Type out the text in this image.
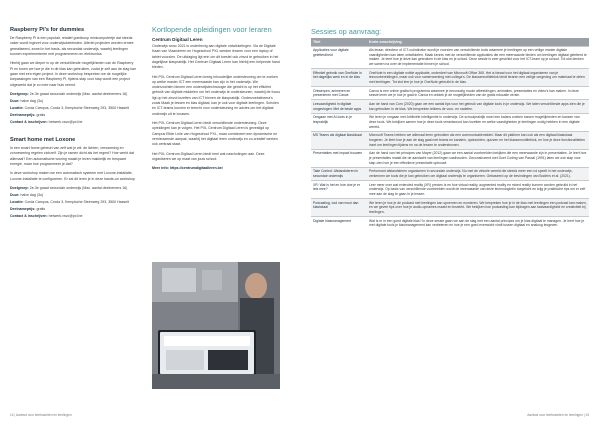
Raspberry Pi’s for dummies

De Raspberry Pi is een populair, relatief goedkoop minicomputertje dat steeds vaker wordt ingezet voor onderwijsdoeleinden. Allerlei projecten worden ermee gerealiseerd, zowel in het basis- als secundair onderwijs, waarbij leerlingen kunnen experimenteren met programmeren en elektronica.

Hierbij gaan we dieper in op de verschillende mogelijkheden van de Raspberry Pi en tonen we hoe je die in de klas kan gebruiken, zodat je zelf aan de slag kan gaan met een eigen project. In deze workshop bespreken we de mogelijke toepassingen van een Raspberry Pi, tijdens stap voor stap wordt een project uitgewerkt dat je zo mee naar huis neemt.

Doelgroep: 2e-3e graad secundair onderwijs (Max. aantal deelnemers 16)
Duur: halve dag (3u)
Locatie: Corda Campus, Corda 3, Kempische Steenweg 293, 3500 Hasselt
Deelnameprijs: gratis
Contact & inschrijven: hetwerk.vsvo@pxl.be
Smart home met Loxone

In een smart home gebeurt van zelf wat je wil: de lichten, verwarming en zonnewering regelen zichzelf. Zijn je ramen dicht als het regent? Hoe werkt dat allemaal? Een automatische woning maakt je leven makkelijk en bespaart energie, maar hoe programmeer je dat?

In deze workshop maken we een automatisch systeem met Loxone-installatie, Loxone-installatie te configureren. Er zal dit leren je in deze hands-on workshop

Doelgroep: 2e-3e graad secundair onderwijs (Max. aantal deelnemers 16)
Duur: halve dag (3u)
Locatie: Corda Campus, Corda 3, Kempische Steenweg 293, 3500 Hasselt
Deelnameprijs: gratis
Contact & inschrijven: hetwerk.vsvo@pxl.be
Kortlopende opleidingen voor leraren
Centrum Digitaal Leren

Onderwijs anno 2021 is onderhevig aan digitale ontwikkelingen. Via de Digitale Kaart van Vlaanderen en Hogeschool PXL werden leraren voor een laptop of tablet voorzien. De uitdaging ligt erin om dit toestel ook zinvol te gebruiken in het dagelijkse klaspraktijk. Het Centrum Digitaal Leren kan hierbij een helpende hand bieden.

Het PXL Centrum Digitaal Leren kreeg inhoudelijke ondersteuning om te zoeken op welke manier ICT een meerwaarde kan zijn in het onderwijs. We onderzochten binnen een onderwijstechnologie die gericht is op het efficiënt gebruik van digitale middelen om het onderwijs te ondersteunen, waarbij de focus ligt op het zinvol inzetten van ICT binnen de klaspraktijk. Onderzoeksthema’s zoals Maak je lessen en klas digitaal, kan je ook voor digitale leerlingen. Scholen en ICT-teams kunnen er terecht voor ondersteuning en advies om het digitaal onderwijs uit te bouwen.

Het PXL Centrum Digitaal Leren biedt verschillende ondersteuning. Deze opleidingen kan je volgen. Het PXL Centrum Digitaal Leren is gevestigd op Campus Elfde Linie van Hogeschool PXL, maar combineert een dynamische en vernieuwende aanpak, waarbij het digitaal leren onderwijs en co-creatief werken ook centraal staat.

Het PXL Centrum Digitaal Leren biedt heel wat nascholingen aan. Deze organiseren we op maat van jouw school.

Meer info: https://centrumdigitaalleren.be/
Sessies op aanvraag:
Titel	Korte omschrijving
Applicaties voor digitale geletterdheid	Als leraar, directeur of ICT-coördinator wordt je voorzien van verschillende tools waarmee je leerlingen op een veilige manier digitale vaardigheden kan laten ontwikkelen. Maak kennis met de verschillende applicaties die een meerwaarde bieden om leerlingen digitaal geletterd te maken. Je leert hoe je deze kan gebruiken in de klas en je school. Deze sessie is zeer geschikt voor het ICT-team op je school. Tot slot denken we samen na over de implementatie binnen je school.
Effectief gebruik van OneNote in het dagelijks werk en in de klas	OneNote is een digitale notitie applicatie, onderdeel van Microsoft Office 365. Het is ideaal voor het digitaal organiseren van je lesvoorbereidingen, maar ook voor samenwerking met collega’s. De klassennotitieblok biedt leraren een veilige omgeving om materiaal te delen met leerlingen. Tot slot leer je hoe je OneNote gebruikt in de klas.
Ontwerpen, animeren en presenteren met Canva	Canva is een online grafisch programma waarmee je eenvoudig mooie afbeeldingen, animaties, presentaties en video’s kan maken. In deze sessie leren we je hoe je gaat in Canva en ontdek je de mogelijkheden van de gratis educatie versie.
Lesvaardigheid in digitale omgevingen: Met de beste apps	Aan de hand van Corn (2020) gaan we een aantal tips voor het gebruik van digitale tools in je onderwijs. We laten verschillende apps zien die je kan gebruiken in de klas. We bespreken telkens de voor- en nadelen.
Omgaan met AI-tools in je lespraktijk	We leren je omgaan met Artificiële Intelligentie in onderwijs. De schoolpraktijk moet een balans zoeken tussen mogelijkheden en kansen van deze tools. We bekijken samen hoe je deze tools verantwoord kan inzetten en welke vaardigheden je leerlingen nodig hebben in een digitale wereld.
MS Teams als digitaal klaslokaal	Microsoft Teams hebben we allemaal leren gebruiken als een communicatiemiddel. Maar dit platform kan ook als een digitaal klaslokaal fungeren. Je leert hoe je aan de slag gaat met teams en kanalen, opdrachten, quizzen en het klassennotitieblok, en hoe je deze functionaliteiten inzet om leerlingen tijdens en na de lessen te ondersteunen.
Presentaties met impact bouwen	Aan de hand van het principes van Mayer (2012) gaan we een aantal voorbeelden bekijken die een meerwaarde zijn in presentaties. Je leert hoe je presentaties maakt die de aandacht van leerlingen vasthouden. Geconstrueerd met Duet Coding van Pascal (1991) laten we ook stap voor stap zien hoe je een effectieve presentatie opbouwt.
Take Control: Afstandsleren in secundair onderwijs	Performant afstandsleren organiseren in secundair onderwijs. Nu met de virtuele wereld die steeds meer een rol speelt in het onderwijs, verkennen we tools die je kan gebruiken om digitaal onderwijs te organiseren. Gebaseerd op de bevindingen van Bodeirs et al. (2021).
XR: Wat is het en hoe doe je er iets mee?	Leer meer over wat extended reality (XR) precies is en hoe virtual reality, augmented reality en mixed reality kunnen worden gebruikt in het onderwijs. Op basis van verschillende voorbeelden wordt de meerwaarde van deze technologieën toegelicht en krijg je praktische tips om er zelf mee aan de slag te gaan in je lessen.
Podcasting, tool van mooi dan klaslokaal	We leren je hoe je de podcast met leerlingen kan opnemen en monteren. We bespreken hoe je in de klas met leerlingen een podcast kan maken, en we geven tips over hoe je audio-opnames maakt en bewerkt. We bekijken hoe podcasting kan bijdragen aan taalvaardigheid en creativiteit bij leerlingen.
Digitale klasmanagement	Wat is er in een goed digitale klas? In deze sessie gaan we aan de slag met een aantal principes om je klas digitaal te managen. Je leert hoe je met digitale tools je klasmanagement kan verbeteren en hoe je een goed evenwicht vindt tussen digitaal en analoog lesgeven.
14 | Aanbod voor leerkrachten en leerlingen	Aanbod voor leerkrachten en leerlingen | 15
